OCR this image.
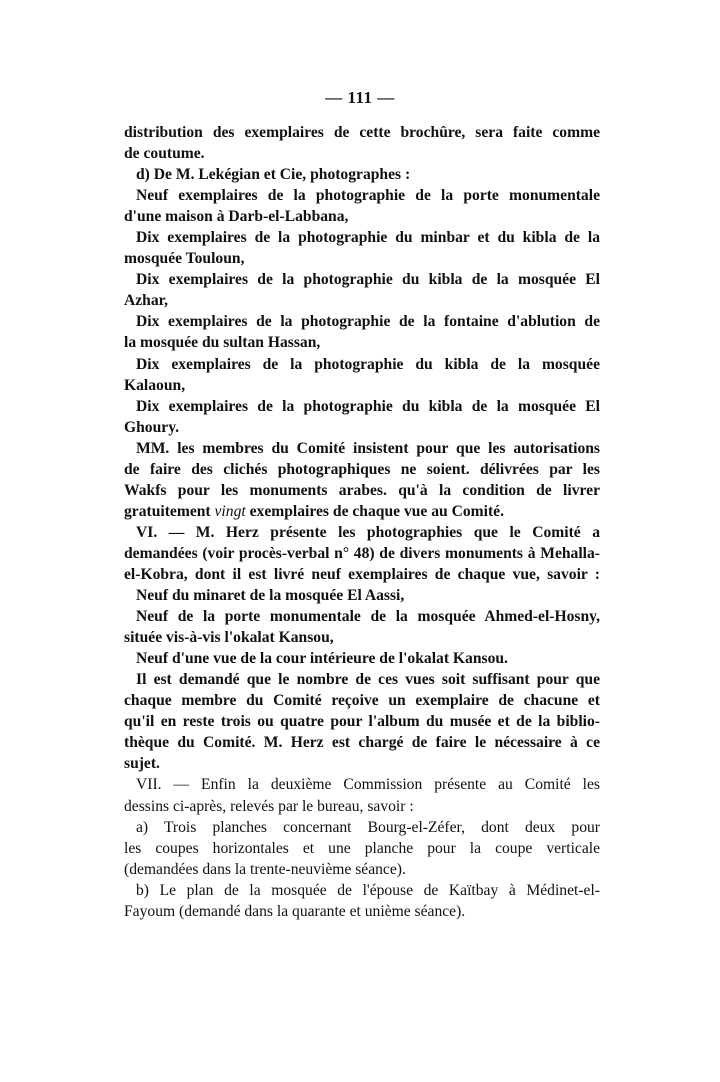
— 111 —
distribution des exemplaires de cette brochûre, sera faite comme
de coutume.
d) De M. Lekégian et Cie, photographes :
Neuf exemplaires de la photographie de la porte monumentale
d'une maison à Darb-el-Labbana,
Dix exemplaires de la photographie du minbar et du kibla de la
mosquée Touloun,
Dix exemplaires de la photographie du kibla de la mosquée El
Azhar,
Dix exemplaires de la photographie de la fontaine d'ablution de
la mosquée du sultan Hassan,
Dix exemplaires de la photographie du kibla de la mosquée
Kalaoun,
Dix exemplaires de la photographie du kibla de la mosquée El
Ghoury.
MM. les membres du Comité insistent pour que les autorisations
de faire des clichés photographiques ne soient. délivrées par les
Wakfs pour les monuments arabes. qu'à la condition de livrer
gratuitement vingt exemplaires de chaque vue au Comité.
VI. — M. Herz présente les photographies que le Comité a
demandées (voir procès-verbal n° 48) de divers monuments à Mehalla-
el-Kobra, dont il est livré neuf exemplaires de chaque vue, savoir :
Neuf du minaret de la mosquée El Aassi,
Neuf de la porte monumentale de la mosquée Ahmed-el-Hosny,
située vis-à-vis l'okalat Kansou,
Neuf d'une vue de la cour intérieure de l'okalat Kansou.
Il est demandé que le nombre de ces vues soit suffisant pour que
chaque membre du Comité reçoive un exemplaire de chacune et
qu'il en reste trois ou quatre pour l'album du musée et de la biblio-
thèque du Comité. M. Herz est chargé de faire le nécessaire à ce
sujet.
VII. — Enfin la deuxième Commission présente au Comité les
dessins ci-après, relevés par le bureau, savoir :
a) Trois planches concernant Bourg-el-Zéfer, dont deux pour
les coupes horizontales et une planche pour la coupe verticale
(demandées dans la trente-neuvième séance).
b) Le plan de la mosquée de l'épouse de Kaïtbay à Médinet-el-
Fayoum (demandé dans la quarante et unième séance).
